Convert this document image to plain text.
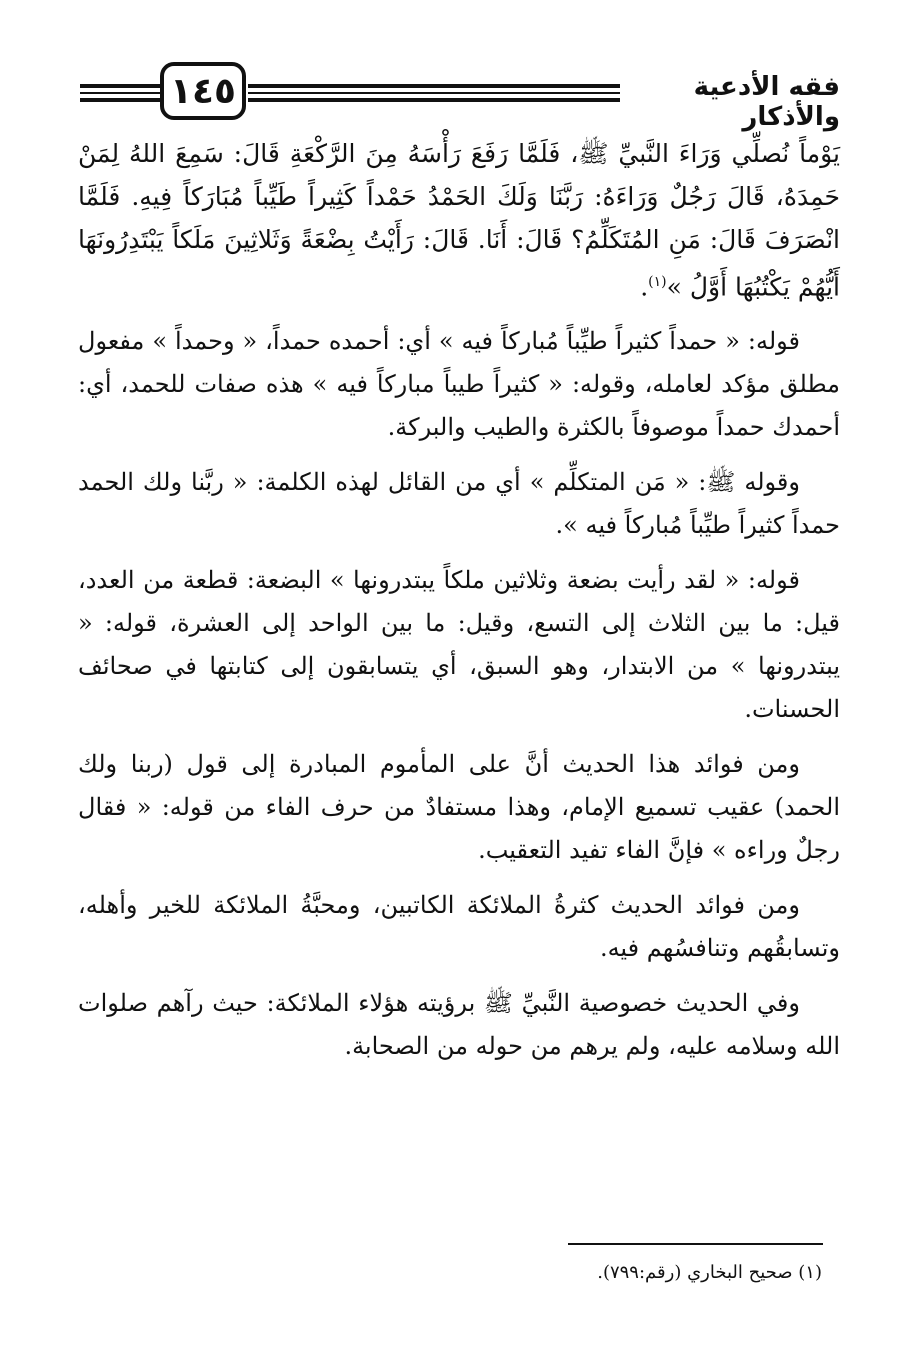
١٤٥	فقه الأدعية والأذكار

يَوْماً نُصلِّي وَرَاءَ النَّبيِّ ﷺ، فَلَمَّا رَفَعَ رَأْسَهُ مِنَ الرَّكْعَةِ قَالَ: سَمِعَ اللهُ لِمَنْ حَمِدَهُ، قَالَ رَجُلٌ وَرَاءَهُ: رَبَّنَا وَلَكَ الحَمْدُ حَمْداً كَثِيراً طَيِّباً مُبَارَكاً فِيهِ. فَلَمَّا انْصَرَفَ قَالَ: مَنِ المُتَكَلِّمُ؟ قَالَ: أَنَا. قَالَ: رَأَيْتُ بِضْعَةً وَثَلاثِينَ مَلَكاً يَبْتَدِرُونَهَا أَيُّهُمْ يَكْتُبُهَا أَوَّلُ »$^{(١)}$.

قوله: « حمداً كثيراً طيِّباً مُباركاً فيه » أي: أحمده حمداً، « وحمداً » مفعول مطلق مؤكد لعامله، وقوله: « كثيراً طيباً مباركاً فيه » هذه صفات للحمد، أي: أحمدك حمداً موصوفاً بالكثرة والطيب والبركة.

وقوله ﷺ: « مَن المتكلِّم » أي من القائل لهذه الكلمة: « ربَّنا ولك الحمد حمداً كثيراً طيِّباً مُباركاً فيه ».

قوله: « لقد رأيت بضعة وثلاثين ملكاً يبتدرونها » البضعة: قطعة من العدد، قيل: ما بين الثلاث إلى التسع، وقيل: ما بين الواحد إلى العشرة، قوله: « يبتدرونها » من الابتدار، وهو السبق، أي يتسابقون إلى كتابتها في صحائف الحسنات.

ومن فوائد هذا الحديث أنَّ على المأموم المبادرة إلى قول (ربنا ولك الحمد) عقيب تسميع الإمام، وهذا مستفادٌ من حرف الفاء من قوله: « فقال رجلٌ وراءه » فإنَّ الفاء تفيد التعقيب.

ومن فوائد الحديث كثرةُ الملائكة الكاتبين، ومحبَّةُ الملائكة للخير وأهله، وتسابقُهم وتنافسُهم فيه.

وفي الحديث خصوصية النَّبيِّ ﷺ برؤيته هؤلاء الملائكة: حيث رآهم صلوات الله وسلامه عليه، ولم يرهم من حوله من الصحابة.

(١) صحيح البخاري (رقم:٧٩٩).
